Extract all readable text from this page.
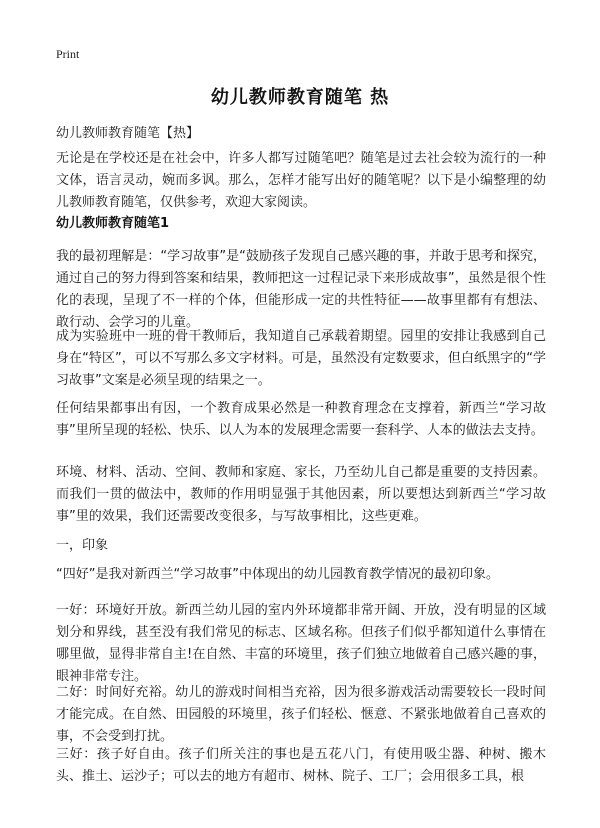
Print
幼儿教师教育随笔 热
幼儿教师教育随笔【热】
无论是在学校还是在社会中，许多人都写过随笔吧？随笔是过去社会较为流行的一种文体，语言灵动，婉而多讽。那么，怎样才能写出好的随笔呢？以下是小编整理的幼儿教师教育随笔，仅供参考，欢迎大家阅读。
幼儿教师教育随笔1
我的最初理解是：“学习故事”是“鼓励孩子发现自己感兴趣的事，并敢于思考和探究，通过自己的努力得到答案和结果，教师把这一过程记录下来形成故事”，虽然是很个性化的表现，呈现了不一样的个体，但能形成一定的共性特征——故事里都有有想法、敢行动、会学习的儿童。
成为实验班中一班的骨干教师后，我知道自己承载着期望。园里的安排让我感到自己身在“特区”，可以不写那么多文字材料。可是，虽然没有定数要求，但白纸黑字的“学习故事”文案是必须呈现的结果之一。
任何结果都事出有因，一个教育成果必然是一种教育理念在支撑着，新西兰“学习故事”里所呈现的轻松、快乐、以人为本的发展理念需要一套科学、人本的做法去支持。
环境、材料、活动、空间、教师和家庭、家长，乃至幼儿自己都是重要的支持因素。而我们一贯的做法中，教师的作用明显强于其他因素，所以要想达到新西兰“学习故事”里的效果，我们还需要改变很多，与写故事相比，这些更难。
一，印象
“四好”是我对新西兰“学习故事”中体现出的幼儿园教育教学情况的最初印象。
一好：环境好开放。新西兰幼儿园的室内外环境都非常开阔、开放，没有明显的区域划分和界线，甚至没有我们常见的标志、区域名称。但孩子们似乎都知道什么事情在哪里做，显得非常自主!在自然、丰富的环境里，孩子们独立地做着自己感兴趣的事，眼神非常专注。
二好：时间好充裕。幼儿的游戏时间相当充裕，因为很多游戏活动需要较长一段时间才能完成。在自然、田园般的环境里，孩子们轻松、惬意、不紧张地做着自己喜欢的事，不会受到打扰。
三好：孩子好自由。孩子们所关注的事也是五花八门，有使用吸尘器、种树、搬木头、推土、运沙子；可以去的地方有超市、树林、院子、工厂；会用很多工具，根
